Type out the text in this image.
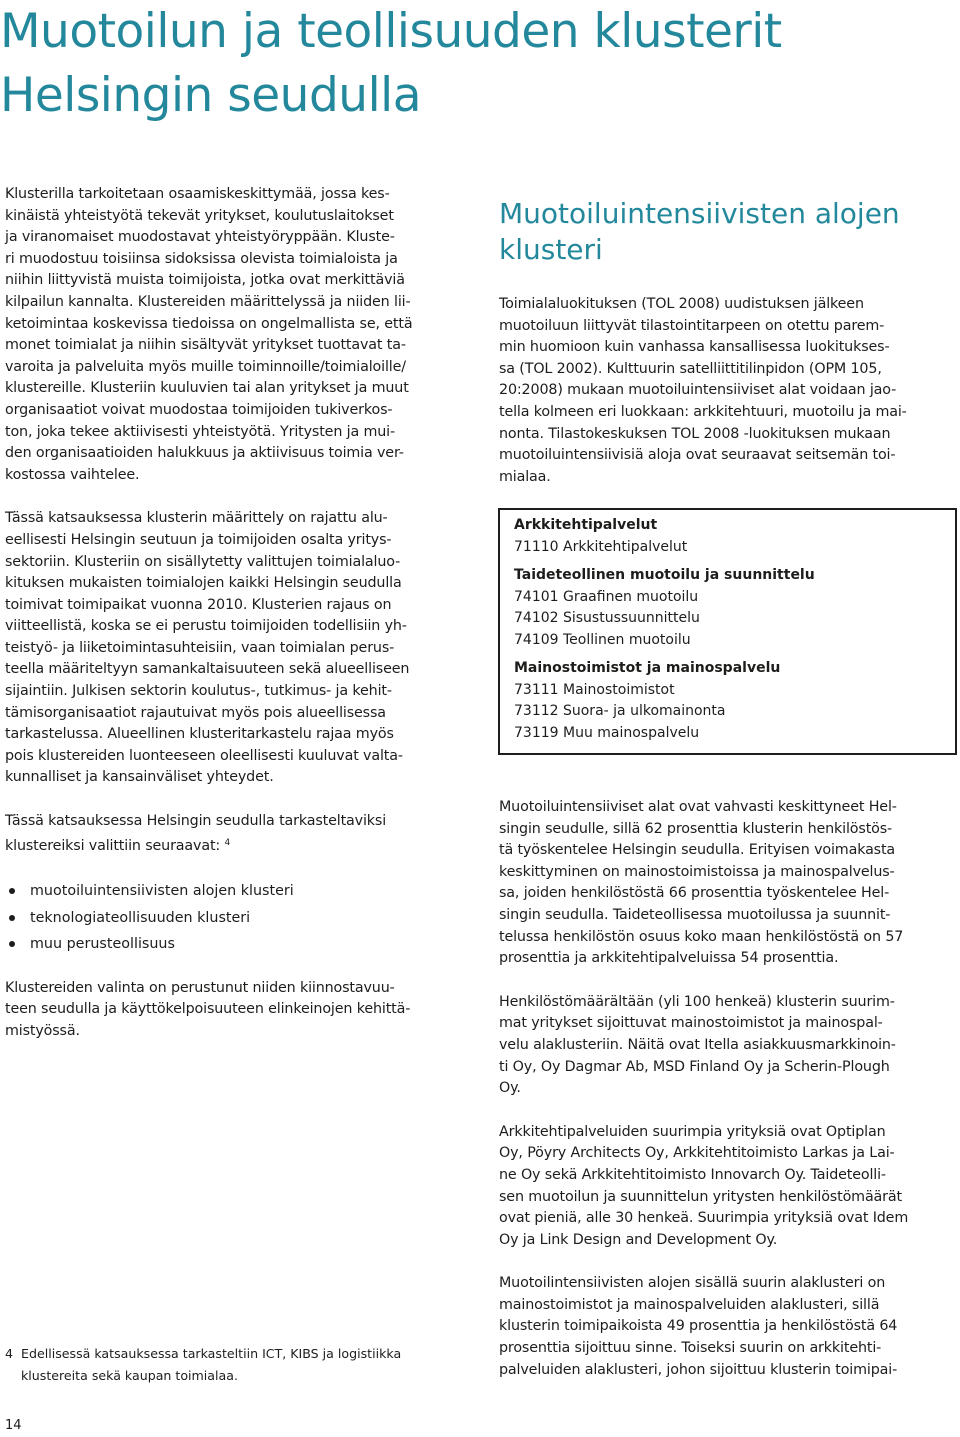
Muotoilun ja teollisuuden klusterit
Helsingin seudulla

Klusterilla tarkoitetaan osaamiskeskittymää, jossa kes-
kinäistä yhteistyötä tekevät yritykset, koulutuslaitokset
ja viranomaiset muodostavat yhteistyöryppään. Kluste-
ri muodostuu toisiinsa sidoksissa olevista toimialoista ja
niihin liittyvistä muista toimijoista, jotka ovat merkittäviä
kilpailun kannalta. Klustereiden määrittelyssä ja niiden lii-
ketoimintaa koskevissa tiedoissa on ongelmallista se, että
monet toimialat ja niihin sisältyvät yritykset tuottavat ta-
varoita ja palveluita myös muille toiminnoille/toimialoille/
klustereille. Klusteriin kuuluvien tai alan yritykset ja muut
organisaatiot voivat muodostaa toimijoiden tukiverkos-
ton, joka tekee aktiivisesti yhteistyötä. Yritysten ja mui-
den organisaatioiden halukkuus ja aktiivisuus toimia ver-
kostossa vaihtelee.

Tässä katsauksessa klusterin määrittely on rajattu alu-
eellisesti Helsingin seutuun ja toimijoiden osalta yritys-
sektoriin. Klusteriin on sisällytetty valittujen toimialaluo-
kituksen mukaisten toimialojen kaikki Helsingin seudulla
toimivat toimipaikat vuonna 2010. Klusterien rajaus on
viitteellistä, koska se ei perustu toimijoiden todellisiin yh-
teistyö- ja liiketoimintasuhteisiin, vaan toimialan perus-
teella määriteltyyn samankaltaisuuteen sekä alueelliseen
sijaintiin. Julkisen sektorin koulutus-, tutkimus- ja kehit-
tämisorganisaatiot rajautuivat myös pois alueellisessa
tarkastelussa. Alueellinen klusteritarkastelu rajaa myös
pois klustereiden luonteeseen oleellisesti kuuluvat valta-
kunnalliset ja kansainväliset yhteydet.

Tässä katsauksessa Helsingin seudulla tarkasteltaviksi
klustereiksi valittiin seuraavat: $^4$

muotoiluintensiivisten alojen klusteri
teknologiateollisuuden klusteri
muu perusteollisuus

Klustereiden valinta on perustunut niiden kiinnostavuu-
teen seudulla ja käyttökelpoisuuteen elinkeinojen kehittä-
mistyössä.

Muotoiluintensiivisten alojen
klusteri

Toimialaluokituksen (TOL 2008) uudistuksen jälkeen
muotoiluun liittyvät tilastointitarpeen on otettu parem-
min huomioon kuin vanhassa kansallisessa luokitukses-
sa (TOL 2002). Kulttuurin satelliittitilinpidon (OPM 105,
20:2008) mukaan muotoiluintensiiviset alat voidaan jao-
tella kolmeen eri luokkaan: arkkitehtuuri, muotoilu ja mai-
nonta. Tilastokeskuksen TOL 2008 -luokituksen mukaan
muotoiluintensiivisiä aloja ovat seuraavat seitsemän toi-
mialaa.

Arkkitehtipalvelut
71110 Arkkitehtipalvelut
Taideteollinen muotoilu ja suunnittelu
74101 Graafinen muotoilu
74102 Sisustussuunnittelu
74109 Teollinen muotoilu
Mainostoimistot ja mainospalvelu
73111 Mainostoimistot
73112 Suora- ja ulkomainonta
73119 Muu mainospalvelu

Muotoiluintensiiviset alat ovat vahvasti keskittyneet Hel-
singin seudulle, sillä 62 prosenttia klusterin henkilöstös-
tä työskentelee Helsingin seudulla. Erityisen voimakasta
keskittyminen on mainostoimistoissa ja mainospalvelus-
sa, joiden henkilöstöstä 66 prosenttia työskentelee Hel-
singin seudulla. Taideteollisessa muotoilussa ja suunnit-
telussa henkilöstön osuus koko maan henkilöstöstä on 57
prosenttia ja arkkitehtipalveluissa 54 prosenttia.

Henkilöstömäärältään (yli 100 henkeä) klusterin suurim-
mat yritykset sijoittuvat mainostoimistot ja mainospal-
velu alaklusteriin. Näitä ovat Itella asiakkuusmarkkinoin-
ti Oy, Oy Dagmar Ab, MSD Finland Oy ja Scherin-Plough
Oy.

Arkkitehtipalveluiden suurimpia yrityksiä ovat Optiplan
Oy, Pöyry Architects Oy, Arkkitehtitoimisto Larkas ja Lai-
ne Oy sekä Arkkitehtitoimisto Innovarch Oy. Taideteolli-
sen muotoilun ja suunnittelun yritysten henkilöstömäärät
ovat pieniä, alle 30 henkeä. Suurimpia yrityksiä ovat Idem
Oy ja Link Design and Development Oy.

Muotoilintensiivisten alojen sisällä suurin alaklusteri on
mainostoimistot ja mainospalveluiden alaklusteri, sillä
klusterin toimipaikoista 49 prosenttia ja henkilöstöstä 64
prosenttia sijoittuu sinne. Toiseksi suurin on arkkitehti-
palveluiden alaklusteri, johon sijoittuu klusterin toimipai-

4 Edellisessä katsauksessa tarkasteltiin ICT, KIBS ja logistiikka
klustereita sekä kaupan toimialaa.
14
